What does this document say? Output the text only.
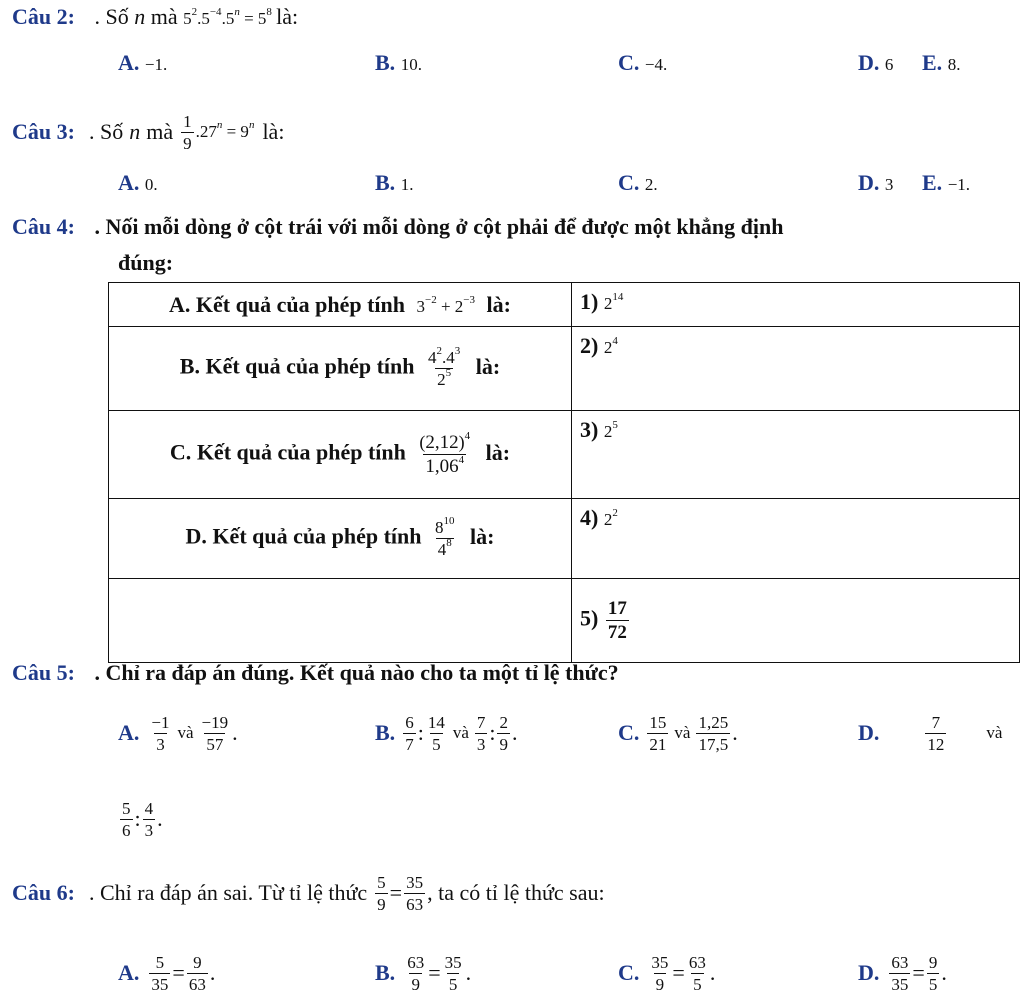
Câu 2: . Số n mà $5^2.5^{-4}.5^n = 5^8$ là:
A. −1.	B. 10.	C. −4.	D. 6 E. 8.
Câu 3: . Số n mà $\frac{1}{9} .27^n = 9^n$ là:
A. 0.	B. 1.	C. 2.	D. 3 E. −1.
Câu 4: . Nối mỗi dòng ở cột trái với mỗi dòng ở cột phải để được một khẳng định
đúng:
A. Kết quả của phép tính $3^{-2} + 2^{-3}$ là:	1) $2^{14}$
B. Kết quả của phép tính $\frac{4^2.4^3}{2^5}$ là:	2) $2^4$
C. Kết quả của phép tính $\frac{(2,12)^4}{1,06^4}$ là:	3) $2^5$
D. Kết quả của phép tính $\frac{8^{10}}{4^8}$ là:	4) $2^2$
	$5) \frac{17}{72}$
Câu 5: . Chỉ ra đáp án đúng. Kết quả nào cho ta một tỉ lệ thức?
A. $\frac{-1}{3}$ và $\frac{-19}{57}$ .	B. $\frac{6}{7}$ : $\frac{14}{5}$ và $\frac{7}{3}$ : $\frac{2}{9}$ .	C. $\frac{15}{21}$ và $\frac{1,25}{17,5}$ .	D.	$\frac{7}{12}$ và
$\frac{5}{6}$ : $\frac{4}{3}$ .
Câu 6: . Chỉ ra đáp án sai. Từ tỉ lệ thức $\frac{5}{9} = \frac{35}{63}$ , ta có tỉ lệ thức sau:
A. $\frac{5}{35} = \frac{9}{63}$ .	B. $\frac{63}{9} = \frac{35}{5}$ .	C. $\frac{35}{9} = \frac{63}{5}$ .	D. $\frac{63}{35} = \frac{9}{5}$ .
